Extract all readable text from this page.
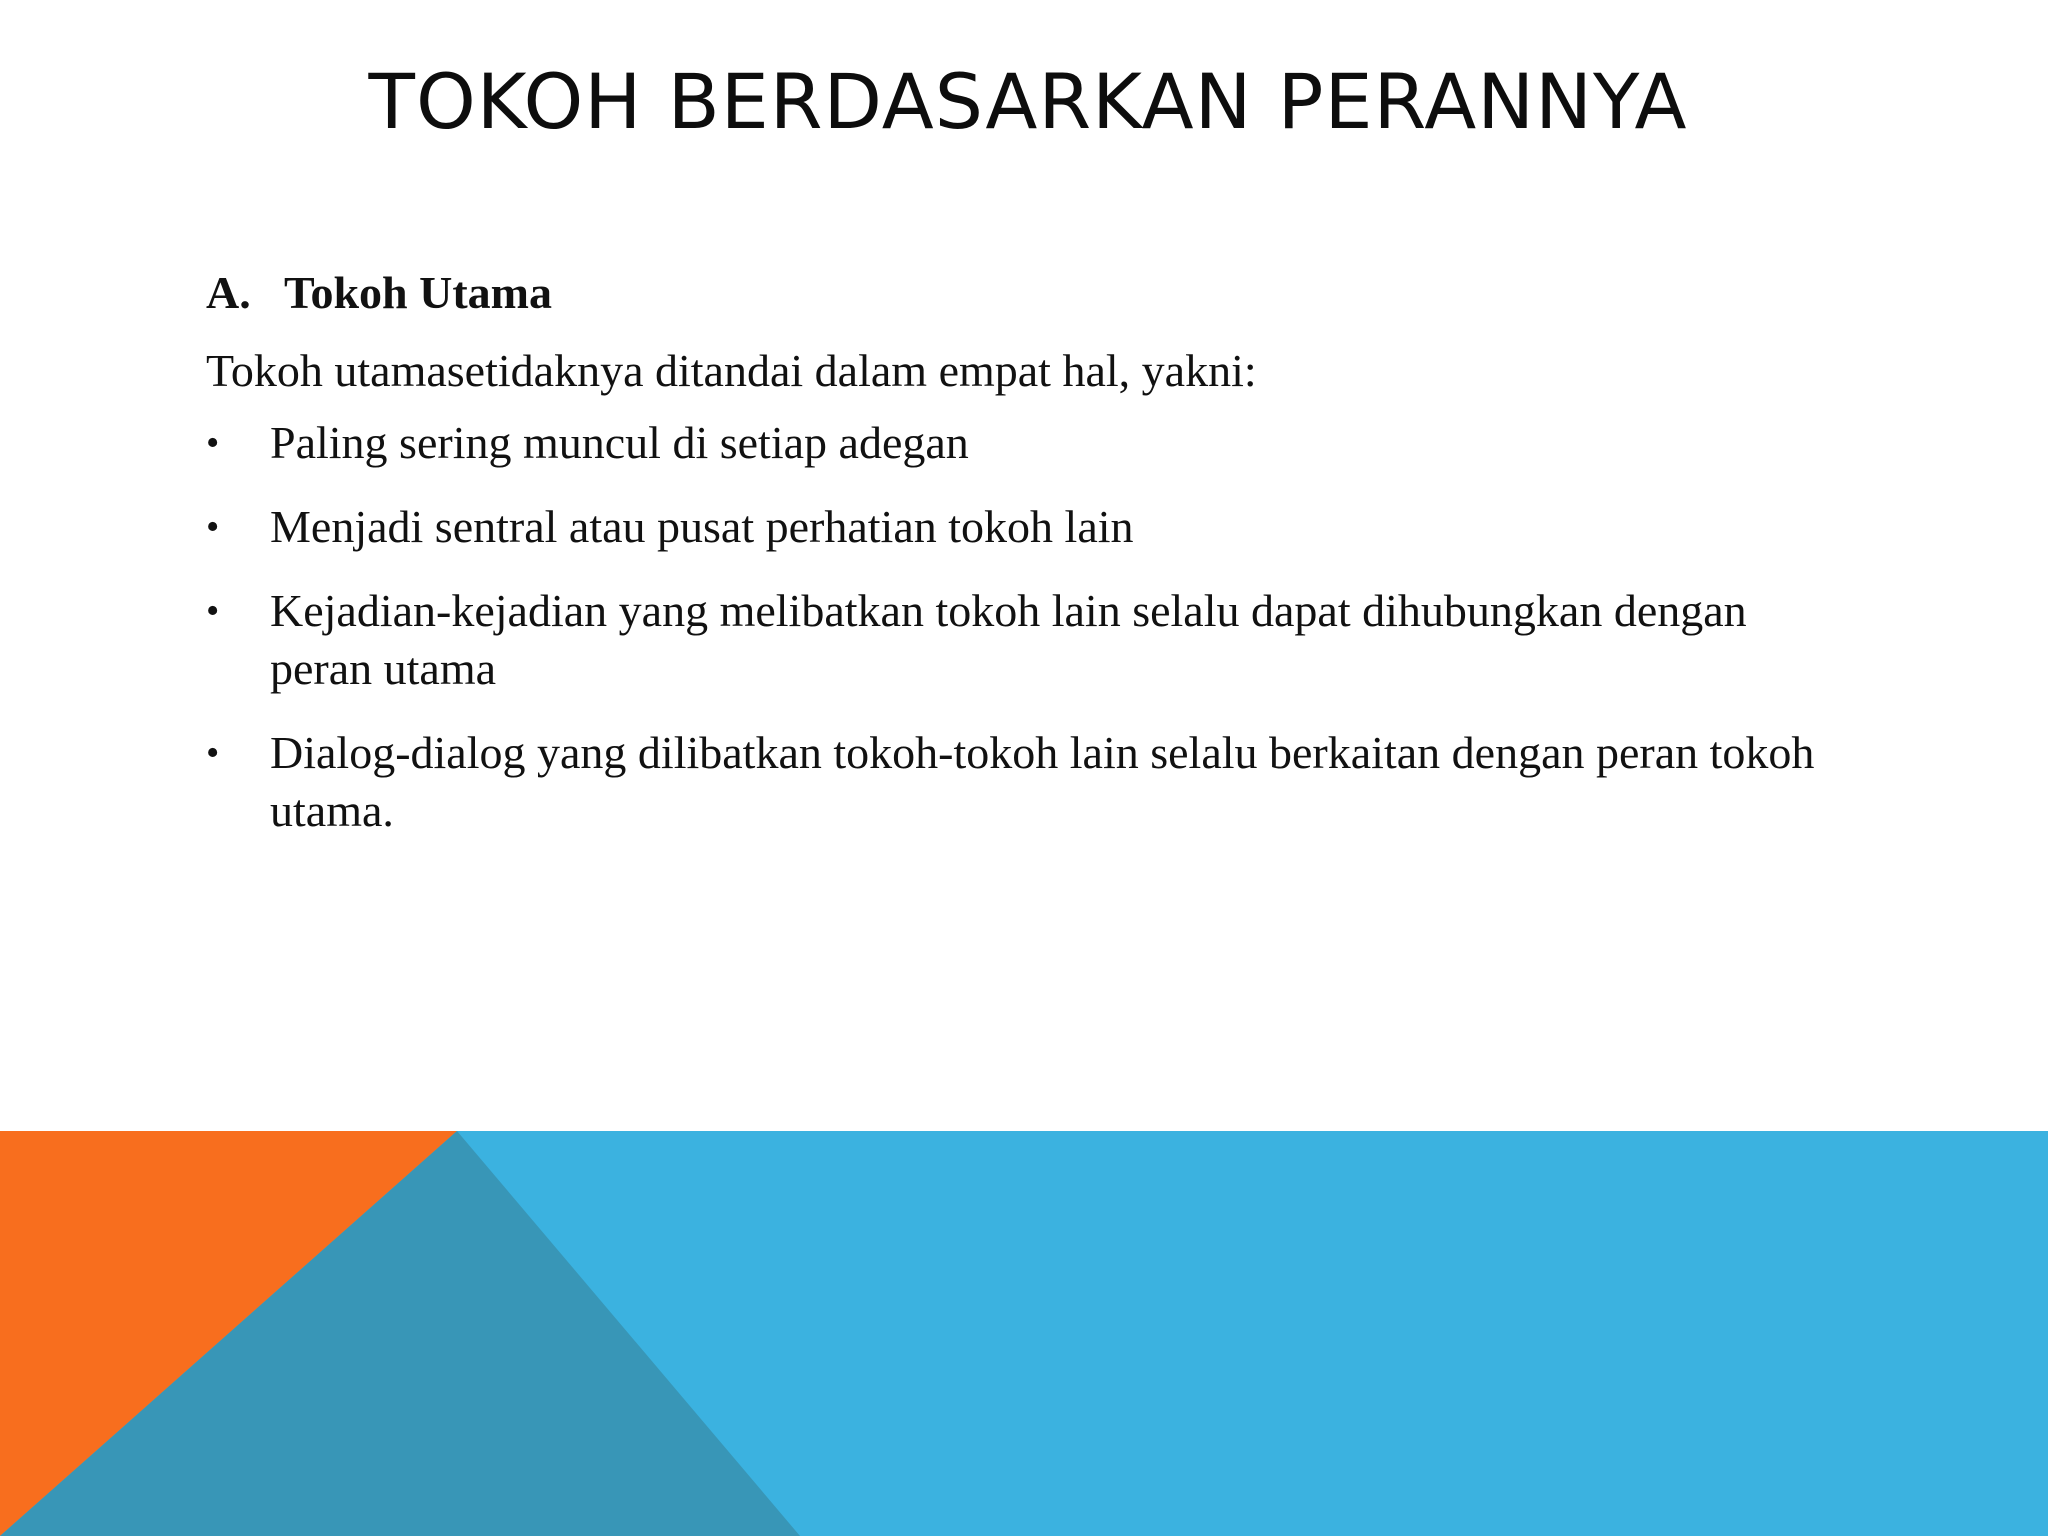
TOKOH BERDASARKAN PERANNYA
A. Tokoh Utama
Tokoh utamasetidaknya ditandai dalam empat hal, yakni:
•	Paling sering muncul di setiap adegan
•	Menjadi sentral atau pusat perhatian tokoh lain
•	Kejadian-kejadian yang melibatkan tokoh lain selalu dapat dihubungkan dengan peran utama
•	Dialog-dialog yang dilibatkan tokoh-tokoh lain selalu berkaitan dengan peran tokoh utama.
